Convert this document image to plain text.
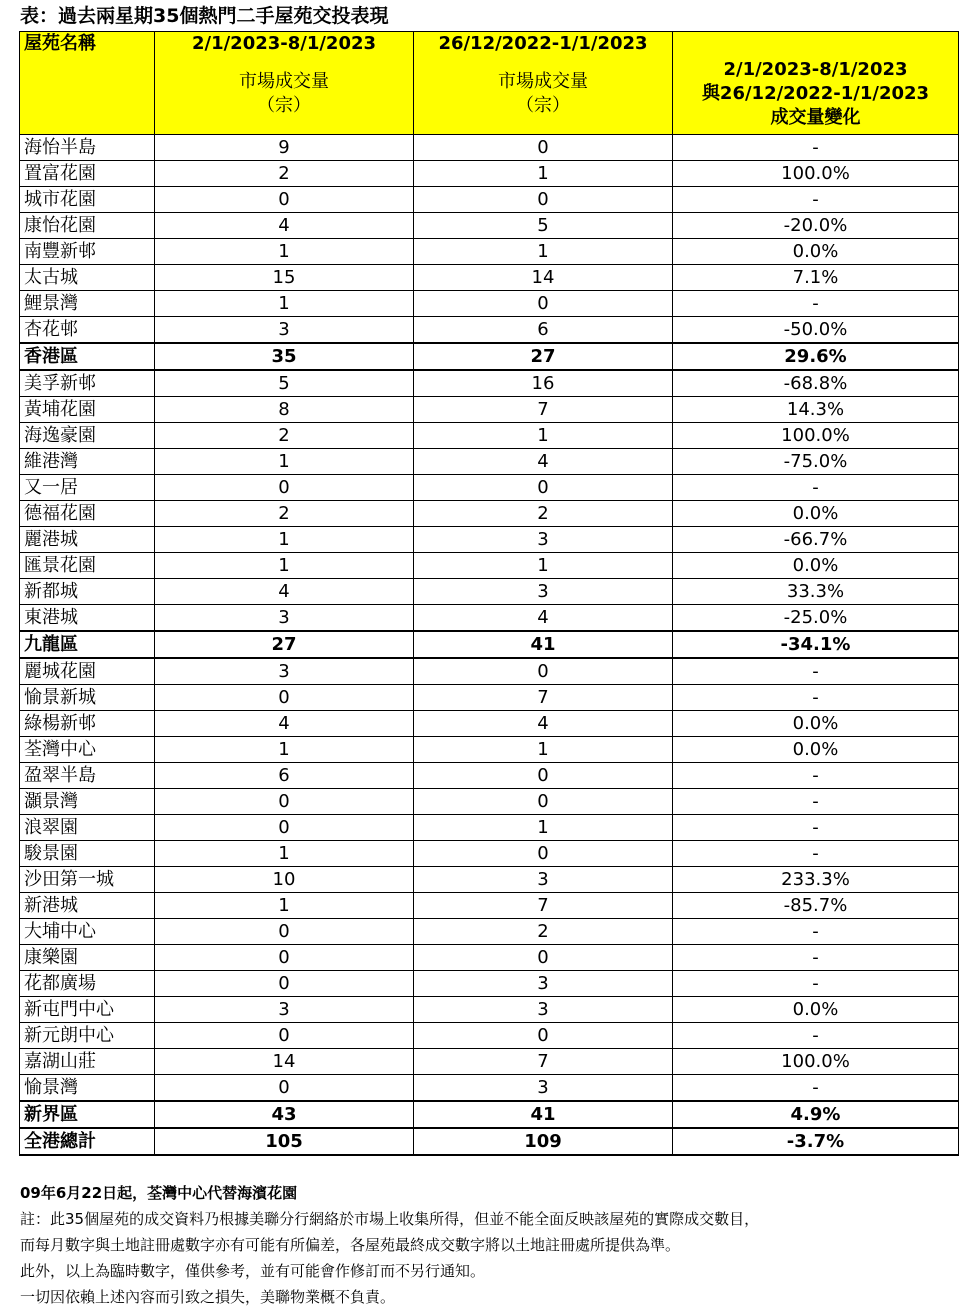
表：過去兩星期35個熱門二手屋苑交投表現
屋苑名稱	2/1/2023-8/1/2023
市場成交量
（宗）	26/12/2022-1/1/2023
市場成交量
（宗）	2/1/2023-8/1/2023
與26/12/2022-1/1/2023
成交量變化

海怡半島	9	0	-
置富花園	2	1	100.0%
城市花園	0	0	-
康怡花園	4	5	-20.0%
南豐新邨	1	1	0.0%
太古城	15	14	7.1%
鯉景灣	1	0	-
杏花邨	3	6	-50.0%
香港區	35	27	29.6%
美孚新邨	5	16	-68.8%
黃埔花園	8	7	14.3%
海逸豪園	2	1	100.0%
維港灣	1	4	-75.0%
又一居	0	0	-
德福花園	2	2	0.0%
麗港城	1	3	-66.7%
匯景花園	1	1	0.0%
新都城	4	3	33.3%
東港城	3	4	-25.0%
九龍區	27	41	-34.1%
麗城花園	3	0	-
愉景新城	0	7	-
綠楊新邨	4	4	0.0%
荃灣中心	1	1	0.0%
盈翠半島	6	0	-
灝景灣	0	0	-
浪翠園	0	1	-
駿景園	1	0	-
沙田第一城	10	3	233.3%
新港城	1	7	-85.7%
大埔中心	0	2	-
康樂園	0	0	-
花都廣場	0	3	-
新屯門中心	3	3	0.0%
新元朗中心	0	0	-
嘉湖山莊	14	7	100.0%
愉景灣	0	3	-
新界區	43	41	4.9%
全港總計	105	109	-3.7%
09年6月22日起，荃灣中心代替海濱花園
註：此35個屋苑的成交資料乃根據美聯分行網絡於市場上收集所得，但並不能全面反映該屋苑的實際成交數目，
而每月數字與土地註冊處數字亦有可能有所偏差，各屋苑最終成交數字將以土地註冊處所提供為準。
此外，以上為臨時數字，僅供參考，並有可能會作修訂而不另行通知。
一切因依賴上述內容而引致之損失，美聯物業概不負責。
